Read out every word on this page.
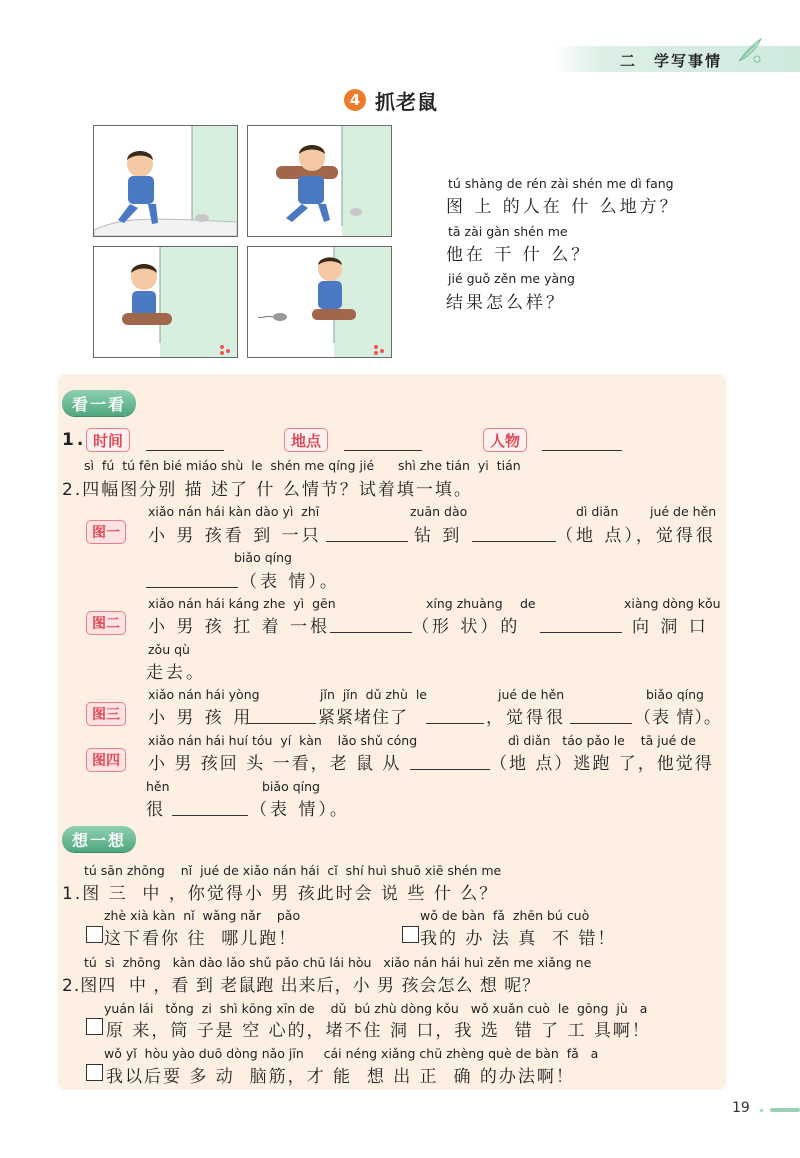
二　学写事情
4 抓老鼠
tú shàng de rén zài shén me dì fang
图 上 的人在 什 么地方？
tā zài gàn shén me
他在 干 什 么？
jié guǒ zěn me yàng
结果怎么样？
看一看
1. 时间	地点	人物
sì  fú  tú fēn bié miáo shù  le  shén me qíng jié      shì zhe tián  yi  tián
2.四幅图分别 描 述了 什 么情节？试着填一填。
xiǎo nán hái kàn dào yì  zhī	zuān dào	dì diǎn	jué de hěn
图一	小 男 孩看 到 一只	钻 到	（地 点），觉得很
biǎo qíng
（表 情）。
xiǎo nán hái káng zhe  yì  gēn	xíng zhuàng de	xiàng dòng kǒu
图二	小 男 孩 扛 着 一根	（形 状）的	向 洞 口
zǒu qù
走去。
xiǎo nán hái yòng	jǐn  jǐn  dǔ zhù  le	jué de hěn	biǎo qíng
图三	小 男 孩 用	紧紧堵住了	，觉得很	（表 情）。
xiǎo nán hái huí tóu  yí  kàn    lǎo shǔ cóng	dì diǎn   táo pǎo le    tā jué de
图四	小 男 孩回 头 一看，老 鼠 从	（地 点）逃跑 了，他觉得
hěn	biǎo qíng
很	（表 情）。
想一想
tú sān zhōng    nǐ  jué de xiǎo nán hái  cǐ  shí huì shuō xiē shén me
1.图 三  中 ，你觉得小 男 孩此时会 说 些 什 么？
zhè xià kàn  nǐ  wǎng nǎr    pǎo
这下看你 往  哪儿跑！
wǒ de bàn  fǎ  zhēn bú cuò
我的 办 法 真  不 错！
tú  sì  zhōng   kàn dào lǎo shǔ pǎo chū lái hòu   xiǎo nán hái huì zěn me xiǎng ne
2.图四  中 ，看 到 老鼠跑 出来后，小 男 孩会怎么 想 呢？
yuán lái   tǒng  zi  shì kōng xīn de    dǔ  bú zhù dòng kǒu   wǒ xuǎn cuò  le  gōng  jù   a
原 来，筒 子是 空 心的，堵不住 洞 口，我 选  错 了 工 具啊！
wǒ yǐ  hòu yào duō dòng nǎo jīn     cái néng xiǎng chū zhèng què de bàn  fǎ   a
我以后要 多 动  脑筋，才 能  想 出 正  确 的办法啊！
19
